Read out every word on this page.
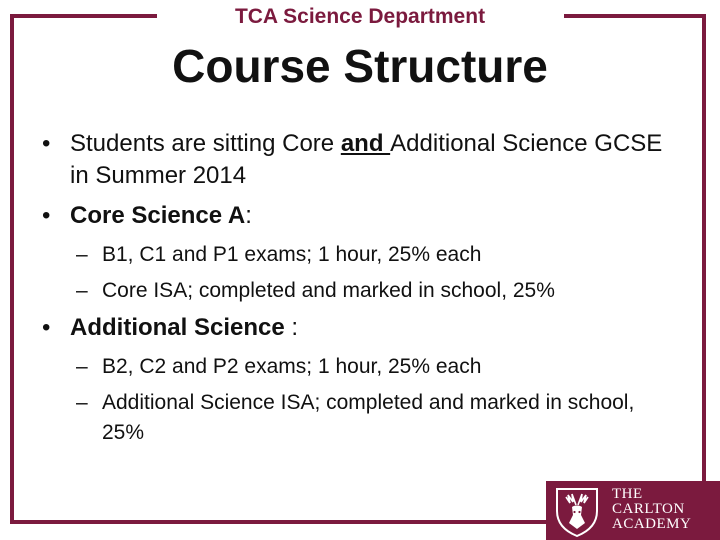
TCA Science Department
Course Structure
• Students are sitting Core and Additional Science GCSE in Summer 2014
• Core Science A:
– B1, C1 and P1 exams; 1 hour, 25% each
– Core ISA; completed and marked in school, 25%
• Additional Science :
– B2, C2 and P2 exams; 1 hour, 25% each
– Additional Science ISA; completed and marked in school, 25%
THE
CARLTON
ACADEMY
